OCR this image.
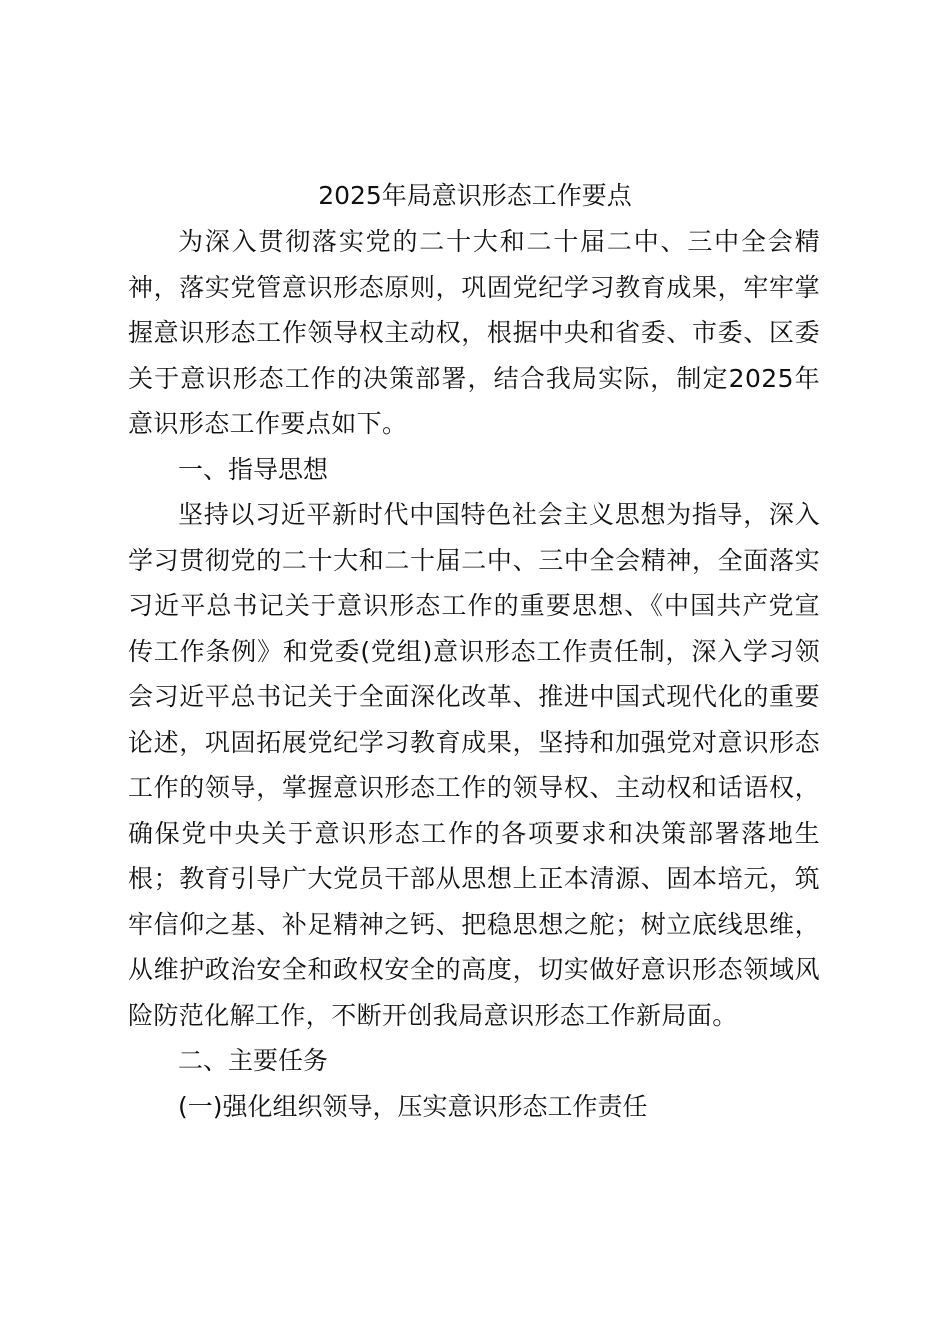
2025年局意识形态工作要点

为深入贯彻落实党的二十大和二十届二中、三中全会精神，落实党管意识形态原则，巩固党纪学习教育成果，牢牢掌握意识形态工作领导权主动权，根据中央和省委、市委、区委关于意识形态工作的决策部署，结合我局实际，制定2025年意识形态工作要点如下。

一、指导思想

坚持以习近平新时代中国特色社会主义思想为指导，深入学习贯彻党的二十大和二十届二中、三中全会精神，全面落实习近平总书记关于意识形态工作的重要思想、《中国共产党宣传工作条例》和党委(党组)意识形态工作责任制，深入学习领会习近平总书记关于全面深化改革、推进中国式现代化的重要论述，巩固拓展党纪学习教育成果，坚持和加强党对意识形态工作的领导，掌握意识形态工作的领导权、主动权和话语权，确保党中央关于意识形态工作的各项要求和决策部署落地生根；教育引导广大党员干部从思想上正本清源、固本培元，筑牢信仰之基、补足精神之钙、把稳思想之舵；树立底线思维，从维护政治安全和政权安全的高度，切实做好意识形态领域风险防范化解工作，不断开创我局意识形态工作新局面。

二、主要任务

(一)强化组织领导，压实意识形态工作责任
